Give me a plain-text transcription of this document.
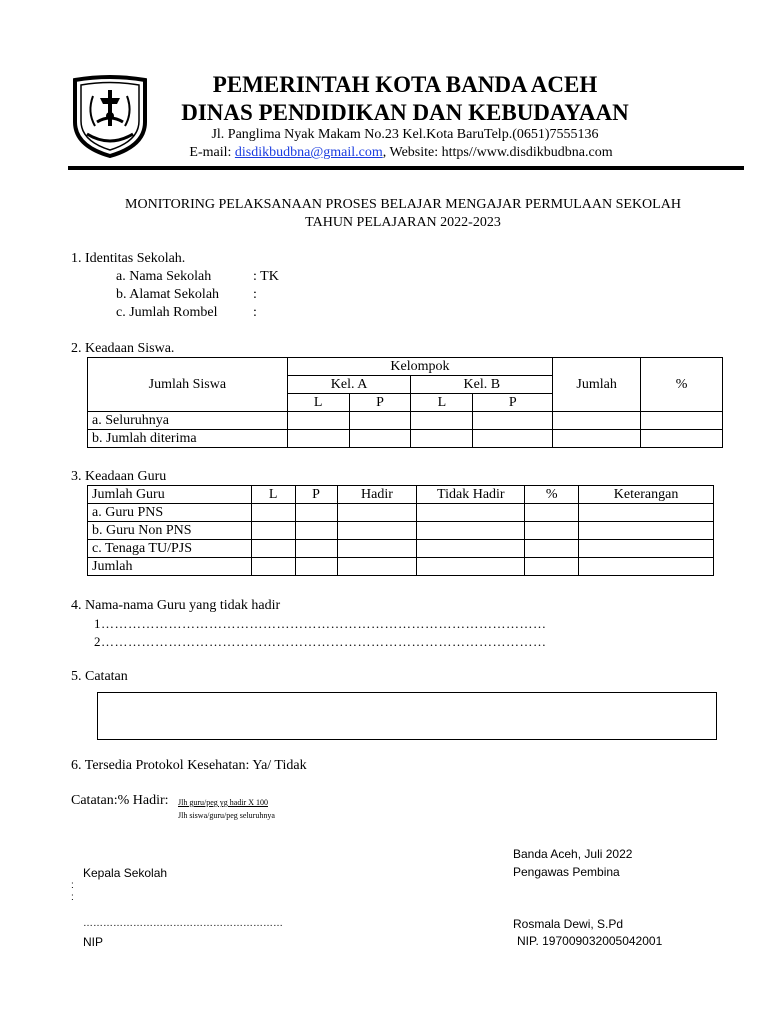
PEMERINTAH KOTA BANDA ACEH
DINAS PENDIDIKAN DAN KEBUDAYAAN
Jl. Panglima Nyak Makam No.23 Kel.Kota BaruTelp.(0651)7555136
E-mail: disdikbudbna@gmail.com, Website: https//www.disdikbudbna.com
MONITORING PELAKSANAAN PROSES BELAJAR MENGAJAR PERMULAAN SEKOLAH
TAHUN PELAJARAN 2022-2023
1. Identitas Sekolah.
a. Nama Sekolah	: TK
b. Alamat Sekolah :
c. Jumlah Rombel	:
2. Keadaan Siswa.
Jumlah Siswa	Kelompok				Jumlah	%
	Kel. A		Kel. B			
	L	P	L	P		
a. Seluruhnya						
b. Jumlah diterima						
3. Keadaan Guru
Jumlah Guru	L	P	Hadir	Tidak Hadir	%	Keterangan
a. Guru PNS						
b. Guru Non PNS						
c. Tenaga TU/PJS						
Jumlah						
4. Nama-nama Guru yang tidak hadir
1………………………………………………………………………………………
2………………………………………………………………………………………
5. Catatan
6. Tersedia Protokol Kesehatan: Ya/ Tidak
Catatan:% Hadir: Jlh guru/peg yg hadir X 100
Jlh siswa/guru/peg seluruhnya
Banda Aceh, Juli 2022
Pengawas Pembina
Kepala Sekolah
:
:
Rosmala Dewi, S.Pd
……………………………………………………
NIP	NIP. 197009032005042001
